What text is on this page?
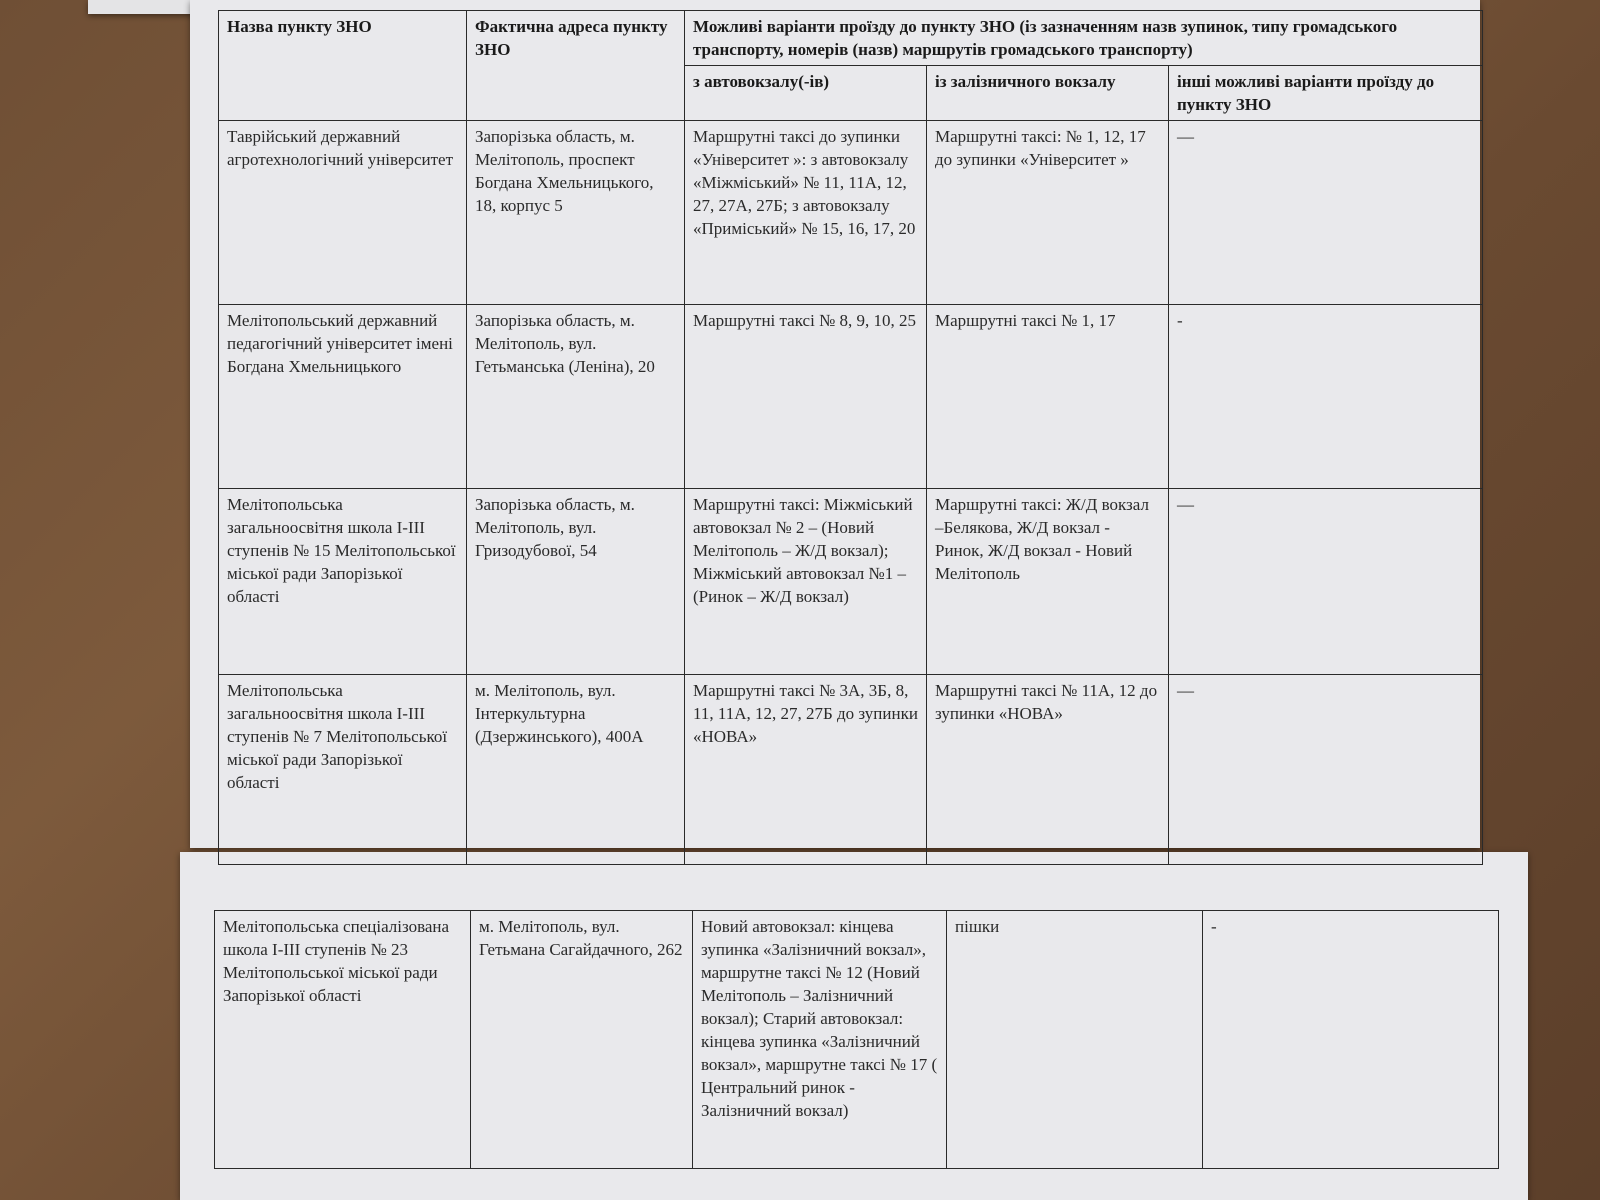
Назва пункту ЗНО	Фактична адреса пункту ЗНО	Можливі варіанти проїзду до пункту ЗНО (із зазначенням назв зупинок, типу громадського транспорту, номерів (назв) маршрутів громадського транспорту)		
		з автовокзалу(-ів)	із залізничного вокзалу	інші можливі варіанти проїзду до пункту ЗНО
Таврійський державний агротехнологічний університет	Запорізька область, м. Мелітополь, проспект Богдана Хмельницького, 18, корпус 5	Маршрутні таксі до зупинки «Університет »: з автовокзалу «Міжміський» № 11, 11А, 12, 27, 27А, 27Б; з автовокзалу «Приміський» № 15, 16, 17, 20	Маршрутні таксі: № 1, 12, 17 до зупинки «Університет »	—
Мелітопольський державний педагогічний університет імені Богдана Хмельницького	Запорізька область, м. Мелітополь, вул. Гетьманська (Леніна), 20	Маршрутні таксі № 8, 9, 10, 25	Маршрутні таксі № 1, 17	-
Мелітопольська загальноосвітня школа І-ІІІ ступенів № 15 Мелітопольської міської ради Запорізької області	Запорізька область, м. Мелітополь, вул. Гризодубової, 54	Маршрутні таксі: Міжміський автовокзал № 2 – (Новий Мелітополь – Ж/Д вокзал); Міжміський автовокзал №1 – (Ринок – Ж/Д вокзал)	Маршрутні таксі: Ж/Д вокзал –Белякова, Ж/Д вокзал - Ринок, Ж/Д вокзал - Новий Мелітополь	—
Мелітопольська загальноосвітня школа І-ІІІ ступенів № 7 Мелітопольської міської ради Запорізької області	м. Мелітополь, вул. Інтеркультурна (Дзержинського), 400А	Маршрутні таксі № 3А, 3Б, 8, 11, 11А, 12, 27, 27Б до зупинки «НОВА»	Маршрутні таксі № 11А, 12 до зупинки «НОВА»	—
Мелітопольська спеціалізована школа І-ІІІ ступенів № 23 Мелітопольської міської ради Запорізької області	м. Мелітополь, вул. Гетьмана Сагайдачного, 262	Новий автовокзал: кінцева зупинка «Залізничний вокзал», маршрутне таксі № 12 (Новий Мелітополь – Залізничний вокзал); Старий автовокзал: кінцева зупинка «Залізничний вокзал», маршрутне таксі № 17 ( Центральний ринок - Залізничний вокзал)	пішки	-
